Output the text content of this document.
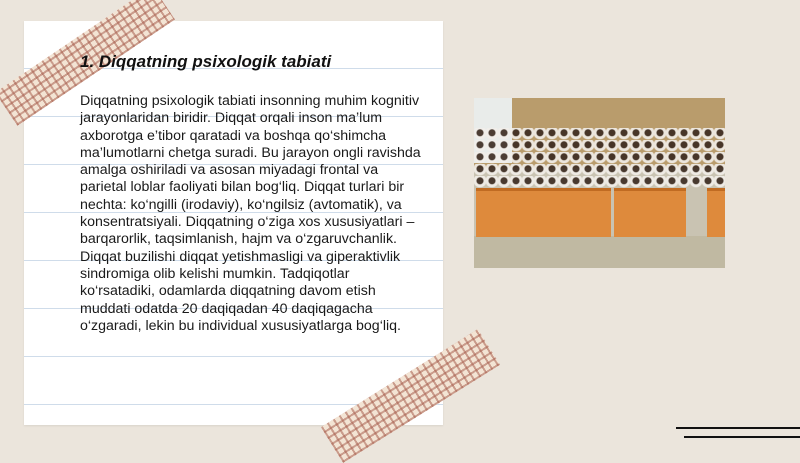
1. Diqqatning psixologik tabiati

Diqqatning psixologik tabiati insonning muhim kognitiv jarayonlaridan biridir. Diqqat orqali inson ma’lum axborotga e’tibor qaratadi va boshqa qo‘shimcha ma’lumotlarni chetga suradi. Bu jarayon ongli ravishda amalga oshiriladi va asosan miyadagi frontal va parietal loblar faoliyati bilan bog‘liq. Diqqat turlari bir nechta: ko‘ngilli (irodaviy), ko‘ngilsiz (avtomatik), va konsentratsiyali. Diqqatning o‘ziga xos xususiyatlari – barqarorlik, taqsimlanish, hajm va o‘zgaruvchanlik. Diqqat buzilishi diqqat yetishmasligi va giperaktivlik sindromiga olib kelishi mumkin. Tadqiqotlar ko‘rsatadiki, odamlarda diqqatning davom etish muddati odatda 20 daqiqadan 40 daqiqagacha o‘zgaradi, lekin bu individual xususiyatlarga bog‘liq.
